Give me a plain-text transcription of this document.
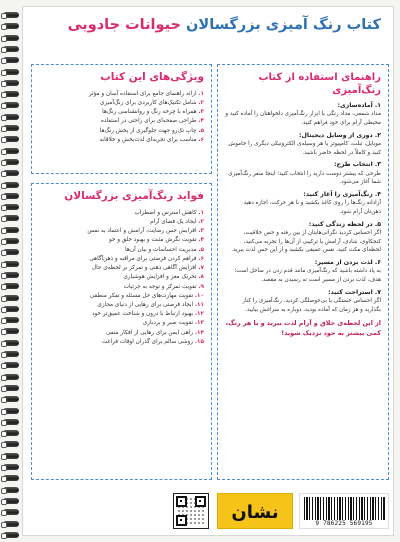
کتاب رنگ آمیزی بزرگسالان حیوانات جادویی
راهنمای استفاده از کتاب رنگ‌آمیزی
۱. آماده‌سازی:
مداد شمعی، مداد رنگی یا ابزار رنگ‌آمیزی دلخواهتان را آماده کنید و محیطی آرام برای خود فراهم کنید.
۲. دوری از وسایل دیجیتال:
موبایل، تبلت، کامپیوتر یا هر وسیله‌ی الکترونیکی دیگری را خاموش کنید و کاملاً در لحظه حاضر باشید.
۳. انتخاب طرح:
طرحی که بیشتر دوست دارید را انتخاب کنید؛ اینجا سفر رنگ‌آمیزی شما آغاز می‌شود.
۴. رنگ‌آمیزی را آغاز کنید:
آزادانه رنگ‌ها را روی کاغذ بکشید و با هر حرکت، اجازه دهید ذهن‌تان آرام شود.
۵. در لحظه زندگی کنید:
اگر احساس کردید نگرانی‌هایتان از بین رفته و حس خلاقیت، کنجکاوی، شادی، آرامش یا ترکیبی از آن‌ها را تجربه می‌کنید، لحظه‌ای مکث کنید، نفس عمیقی بکشید و از این حس لذت ببرید.
۶. لذت بردن از مسیر:
به یاد داشته باشید که رنگ‌آمیزی مانند قدم زدن در ساحل است؛ هدف، لذت بردن از مسیر است نه رسیدن به مقصد.
۷. استراحت کنید:
اگر احساس خستگی یا بی‌حوصلگی کردید، رنگ‌آمیزی را کنار بگذارید و هر زمان که آماده بودید، دوباره به سراغش بیایید.
از این لحظه‌ی خلاق و آرام لذت ببرید و با هر رنگ، کمی بیشتر به خود نزدیک شوید!
ویژگی‌های این کتاب
۱. ارائه راهنمای جامع برای استفاده آسان و مؤثر
۲. شامل تکنیک‌های کاربردی برای رنگ‌آمیزی
۳. همراه با چرخه رنگ و روانشناسی رنگ‌ها
۴. طراحی صفحه‌ای برای راحتی در استفاده
۵. چاپ تک‌رو جهت جلوگیری از پخش رنگ‌ها
۶. مناسب برای تجربه‌ای لذت‌بخش و خلاقانه
فواید رنگ‌آمیزی بزرگسالان
۱. کاهش استرس و اضطراب
۲. ایجاد یک فضای آرام
۳. افزایش حس رضایت، آرامش و اعتماد به نفس
۴. تقویت نگرش مثبت و بهبود خلق و خو
۵. مدیریت احساسات و بیان آن‌ها
۶. فراهم کردن فرصتی برای مراقبه و ذهن‌آگاهی
۷. افزایش آگاهی ذهنی و تمرکز بر لحظه‌ی حال
۸. تحریک مغز و افزایش هوشیاری
۹. تقویت تمرکز و توجه به جزئیات
۱۰. تقویت مهارت‌های حل مسئله و تفکر منطقی
۱۱. ایجاد فرصتی برای رهایی از دنیای مجازی
۱۲. بهبود ارتباط با درون و شناخت عمیق‌تر خود
۱۳. تقویت صبر و بردباری
۱۴. راهی ایمن برای رهایی از افکار منفی
۱۵. روشی سالم برای گذران اوقات فراغت
نشان
9 786225 569195
